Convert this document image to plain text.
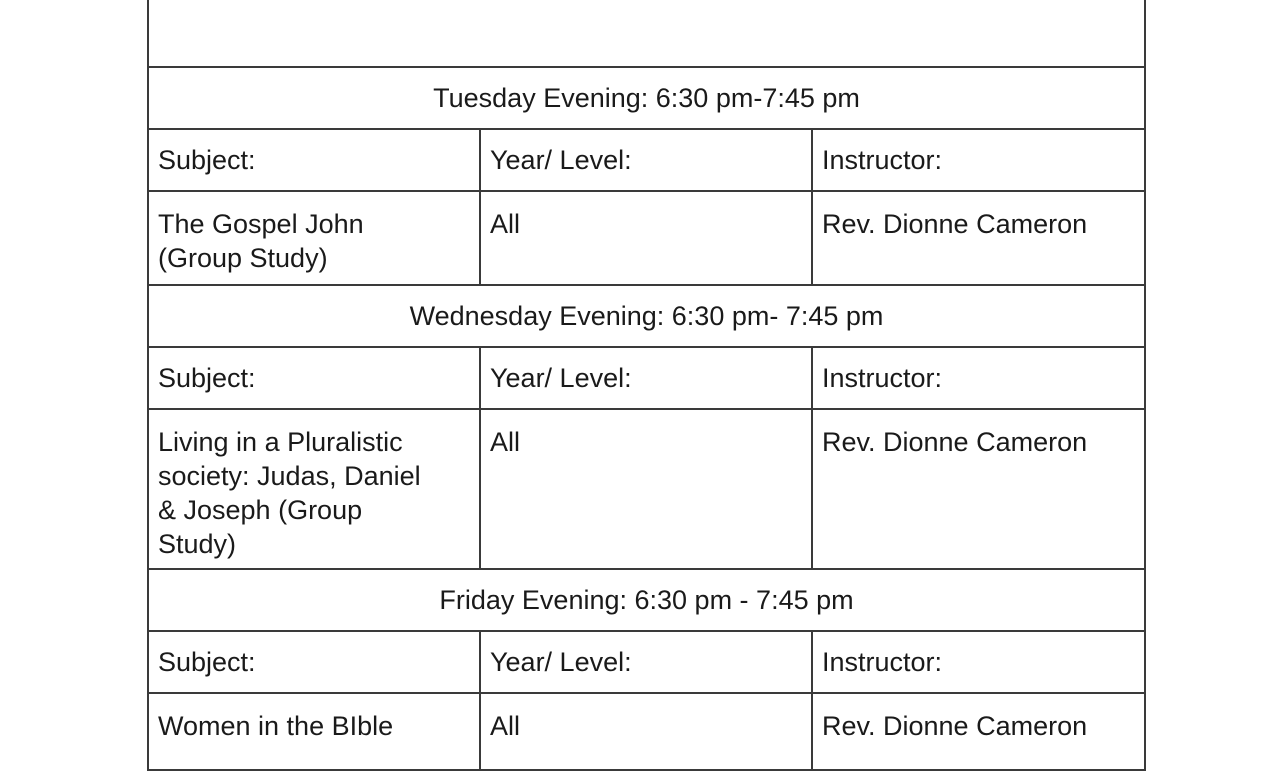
Tuesday Evening: 6:30 pm-7:45 pm		
Subject:	Year/ Level:	Instructor:

The Gospel John
(Group Study)	All	Rev. Dionne Cameron
Wednesday Evening: 6:30 pm- 7:45 pm		
Subject:	Year/ Level:	Instructor:

Living in a Pluralistic
society: Judas, Daniel
& Joseph (Group
Study)	All	Rev. Dionne Cameron
Friday Evening: 6:30 pm - 7:45 pm		
Subject:	Year/ Level:	Instructor:

Women in the BIble	All	Rev. Dionne Cameron
